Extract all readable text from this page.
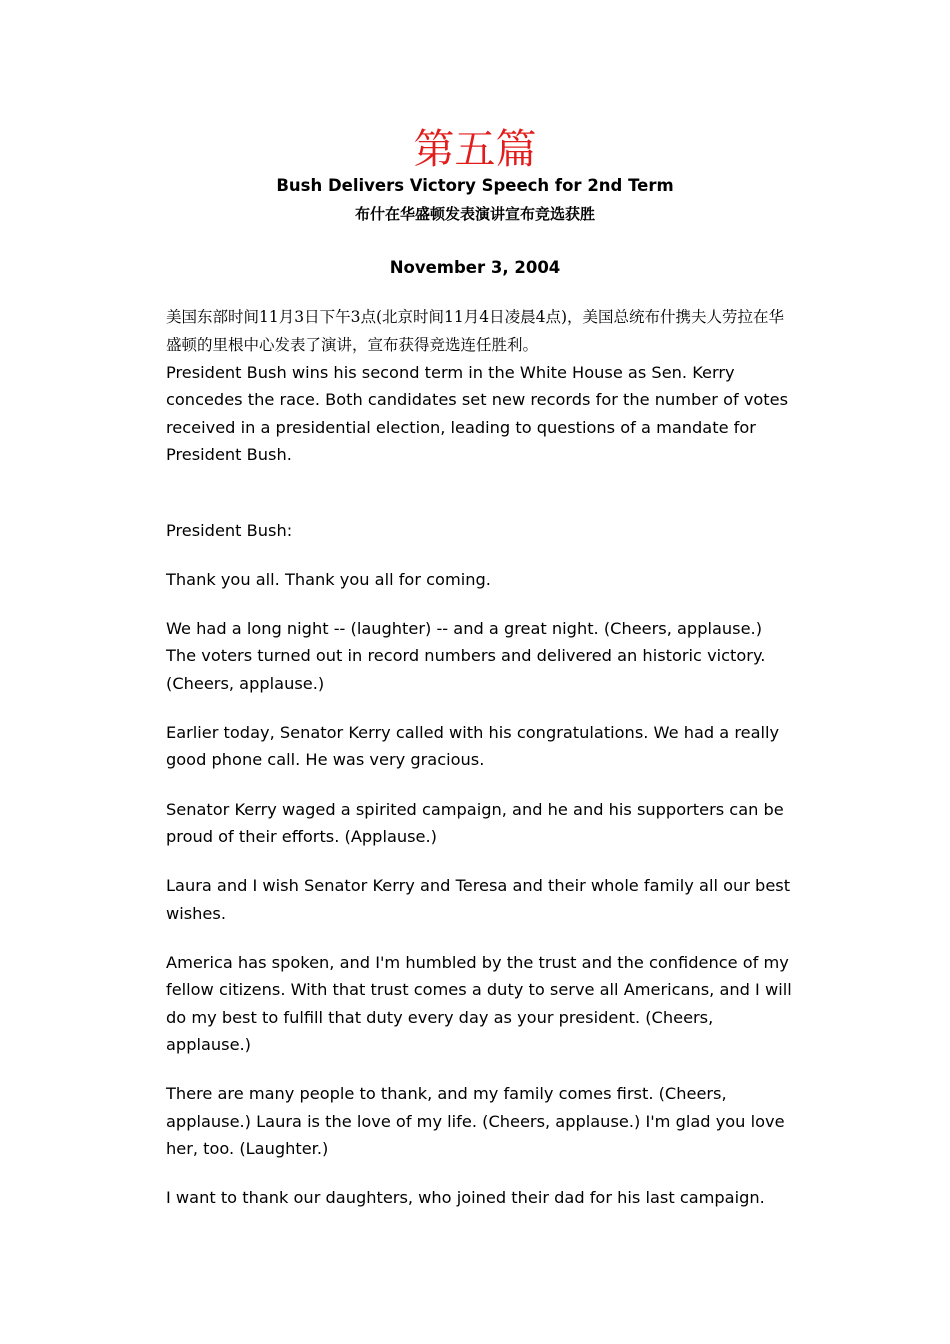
第五篇
Bush Delivers Victory Speech for 2nd Term
布什在华盛顿发表演讲宣布竞选获胜

November 3, 2004

美国东部时间11月3日下午3点(北京时间11月4日凌晨4点)，美国总统布什携夫人劳拉在华盛顿的里根中心发表了演讲，宣布获得竞选连任胜利。

President Bush wins his second term in the White House as Sen. Kerry concedes the race. Both candidates set new records for the number of votes received in a presidential election, leading to questions of a mandate for President Bush.

President Bush:

Thank you all. Thank you all for coming.

We had a long night -- (laughter) -- and a great night. (Cheers, applause.) The voters turned out in record numbers and delivered an historic victory. (Cheers, applause.)

Earlier today, Senator Kerry called with his congratulations. We had a really good phone call. He was very gracious.

Senator Kerry waged a spirited campaign, and he and his supporters can be proud of their efforts. (Applause.)

Laura and I wish Senator Kerry and Teresa and their whole family all our best wishes.

America has spoken, and I'm humbled by the trust and the confidence of my fellow citizens. With that trust comes a duty to serve all Americans, and I will do my best to fulfill that duty every day as your president. (Cheers, applause.)

There are many people to thank, and my family comes first. (Cheers, applause.) Laura is the love of my life. (Cheers, applause.) I'm glad you love her, too. (Laughter.)

I want to thank our daughters, who joined their dad for his last campaign.
